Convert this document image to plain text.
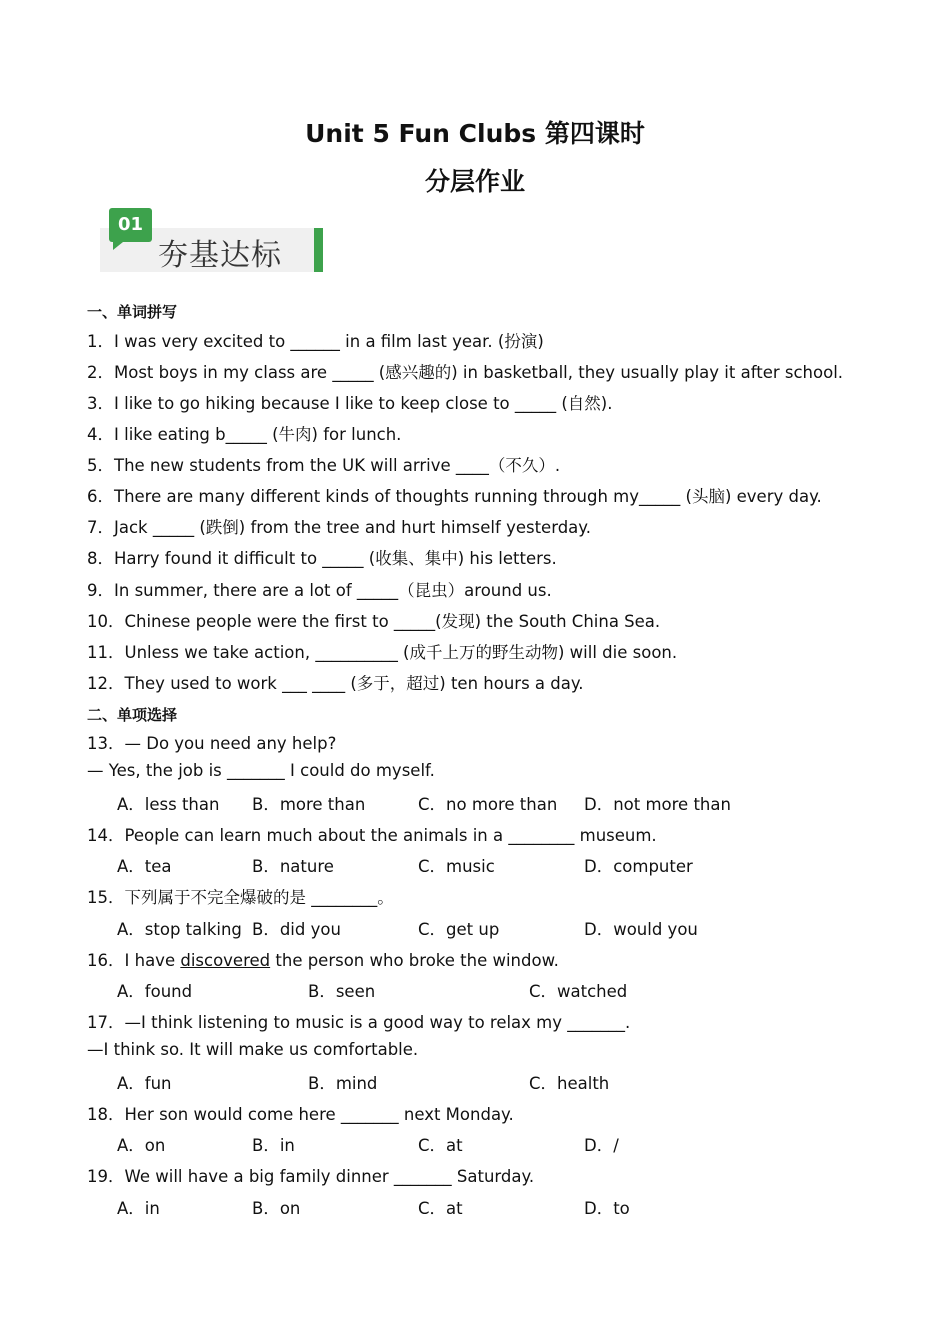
Unit 5 Fun Clubs 第四课时
分层作业
01
夯基达标
一、单词拼写
1．I was very excited to ______ in a film last year. (扮演)
2．Most boys in my class are _____ (感兴趣的) in basketball, they usually play it after school.
3．I like to go hiking because I like to keep close to _____ (自然).
4．I like eating b_____ (牛肉) for lunch.
5．The new students from the UK will arrive ____（不久）.
6．There are many different kinds of thoughts running through my_____ (头脑) every day.
7．Jack _____ (跌倒) from the tree and hurt himself yesterday.
8．Harry found it difficult to _____ (收集、集中) his letters.
9．In summer, there are a lot of _____（昆虫）around us.
10．Chinese people were the first to _____(发现) the South China Sea.
11．Unless we take action, __________ (成千上万的野生动物) will die soon.
12．They used to work ___ ____ (多于，超过) ten hours a day.
二、单项选择
13．— Do you need any help?
— Yes, the job is _______ I could do myself.
A．less than B．more than	C．no more than D．not more than
14．People can learn much about the animals in a ________ museum.
A．tea	B．nature	C．music	D．computer
15．下列属于不完全爆破的是 ________。
A．stop talking B．did you	C．get up	D．would you
16．I have discovered the person who broke the window.
A．found	B．seen	C．watched
17．—I think listening to music is a good way to relax my _______.
—I think so. It will make us comfortable.
A．fun	B．mind	C．health
18．Her son would come here _______ next Monday.
A．on	B．in	C．at	D．/
19．We will have a big family dinner _______ Saturday.
A．in	B．on	C．at	D．to
